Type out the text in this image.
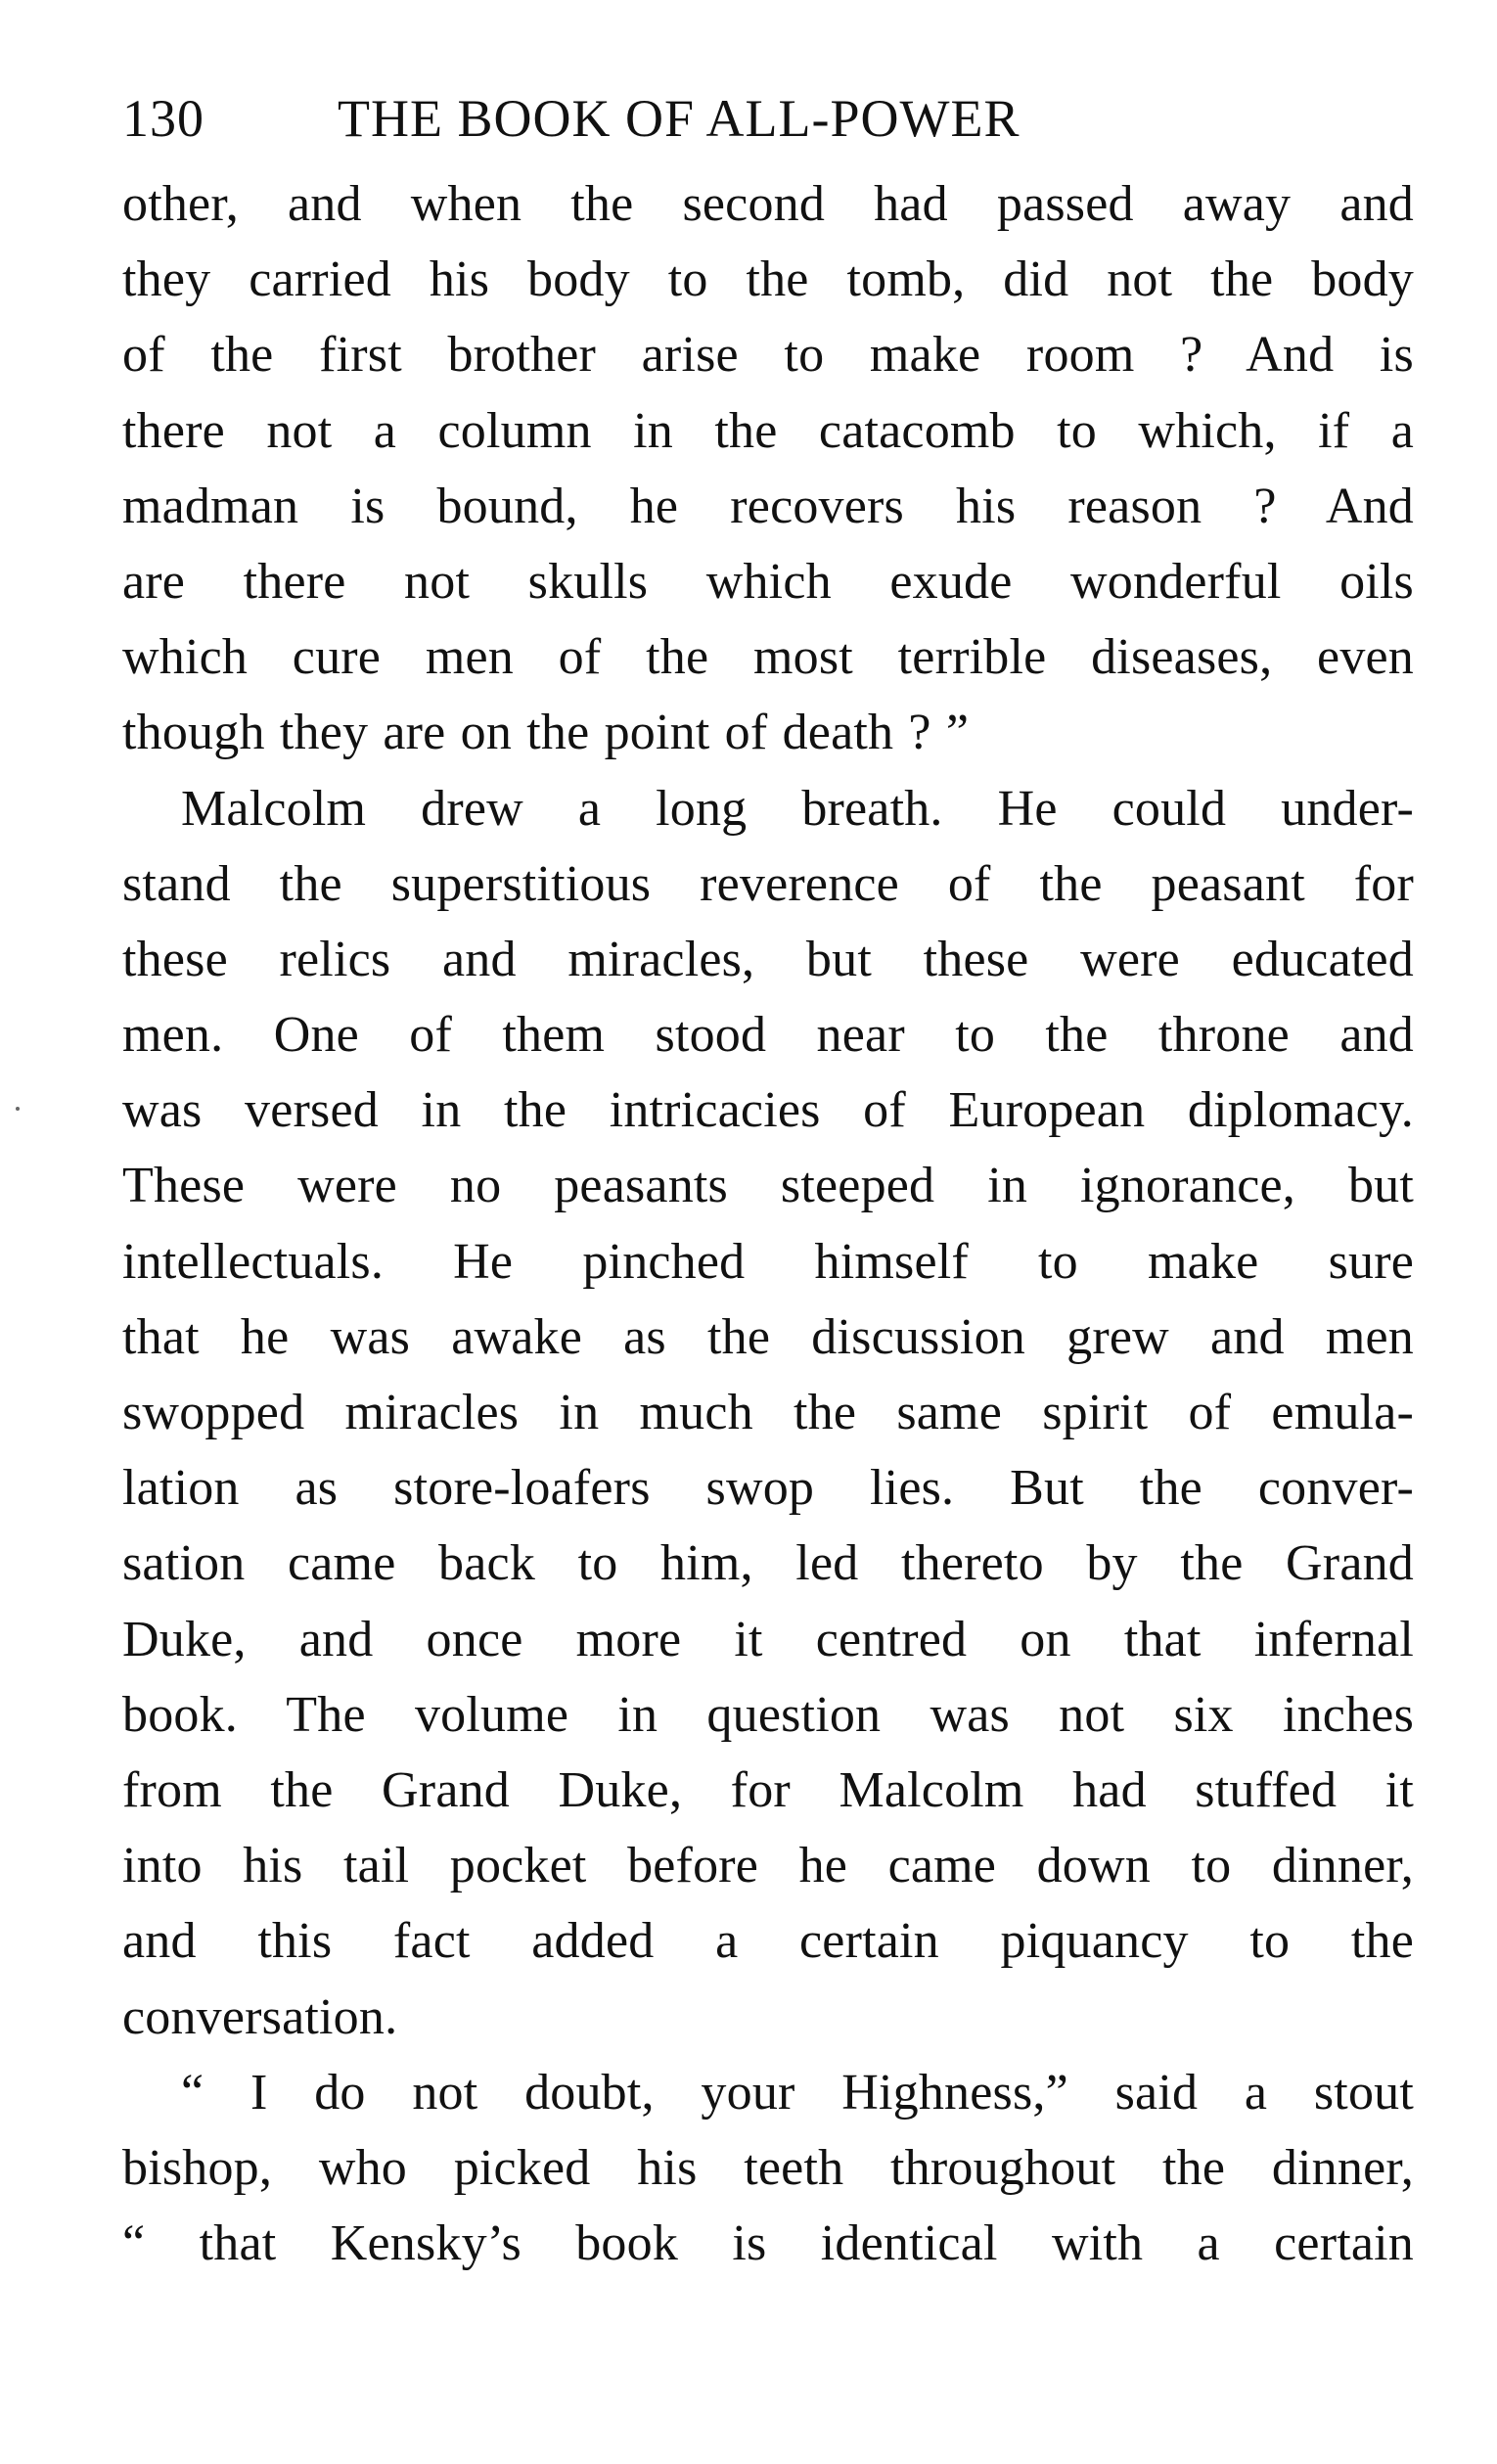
130	THE BOOK OF ALL-POWER
other, and when the second had passed away and
they carried his body to the tomb, did not the body
of the first brother arise to make room ? And is
there not a column in the catacomb to which, if a
madman is bound, he recovers his reason ? And
are there not skulls which exude wonderful oils
which cure men of the most terrible diseases, even
though they are on the point of death ? ”
Malcolm drew a long breath. He could under-
stand the superstitious reverence of the peasant for
these relics and miracles, but these were educated
men. One of them stood near to the throne and
was versed in the intricacies of European diplomacy.
These were no peasants steeped in ignorance, but
intellectuals. He pinched himself to make sure
that he was awake as the discussion grew and men
swopped miracles in much the same spirit of emula-
lation as store-loafers swop lies. But the conver-
sation came back to him, led thereto by the Grand
Duke, and once more it centred on that infernal
book. The volume in question was not six inches
from the Grand Duke, for Malcolm had stuffed it
into his tail pocket before he came down to dinner,
and this fact added a certain piquancy to the
conversation.
“ I do not doubt, your Highness,” said a stout
bishop, who picked his teeth throughout the dinner,
“ that Kensky’s book is identical with a certain
